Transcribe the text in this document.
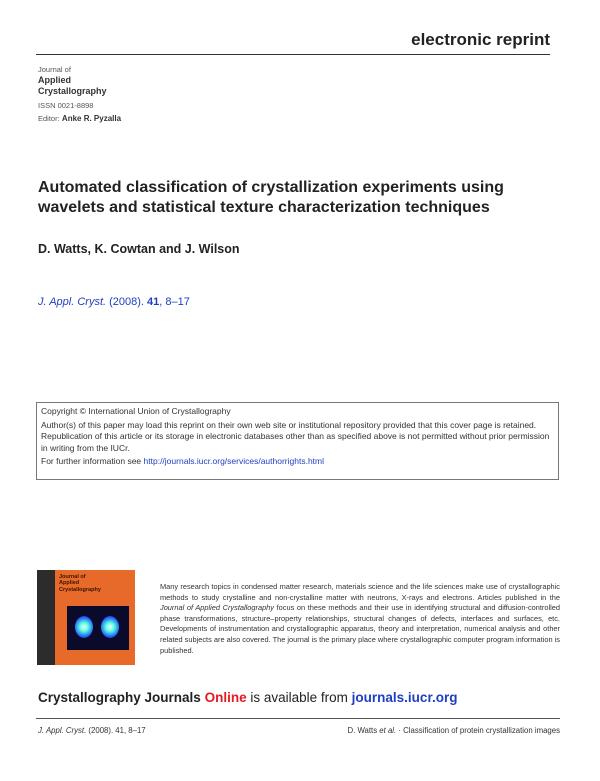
electronic reprint
Journal of
Applied
Crystallography
ISSN 0021-8898
Editor: Anke R. Pyzalla
Automated classification of crystallization experiments using wavelets and statistical texture characterization techniques
D. Watts, K. Cowtan and J. Wilson
J. Appl. Cryst. (2008). 41, 8–17

Copyright © International Union of Crystallography

Author(s) of this paper may load this reprint on their own web site or institutional repository provided that this cover page is retained. Republication of this article or its storage in electronic databases other than as specified above is not permitted without prior permission in writing from the IUCr.

For further information see http://journals.iucr.org/services/authorrights.html

Journal of
Applied
Crystallography	Many research topics in condensed matter research, materials science and the life sciences make use of crystallographic methods to study crystalline and non-crystalline matter with neutrons, X-rays and electrons. Articles published in the Journal of Applied Crystallography focus on these methods and their use in identifying structural and diffusion-controlled phase transformations, structure–property relationships, structural changes of defects, interfaces and surfaces, etc. Developments of instrumentation and crystallographic apparatus, theory and interpretation, numerical analysis and other related subjects are also covered. The journal is the primary place where crystallographic computer program information is published.
Crystallography Journals Online is available from journals.iucr.org
J. Appl. Cryst. (2008). 41, 8–17	D. Watts et al. · Classification of protein crystallization images
